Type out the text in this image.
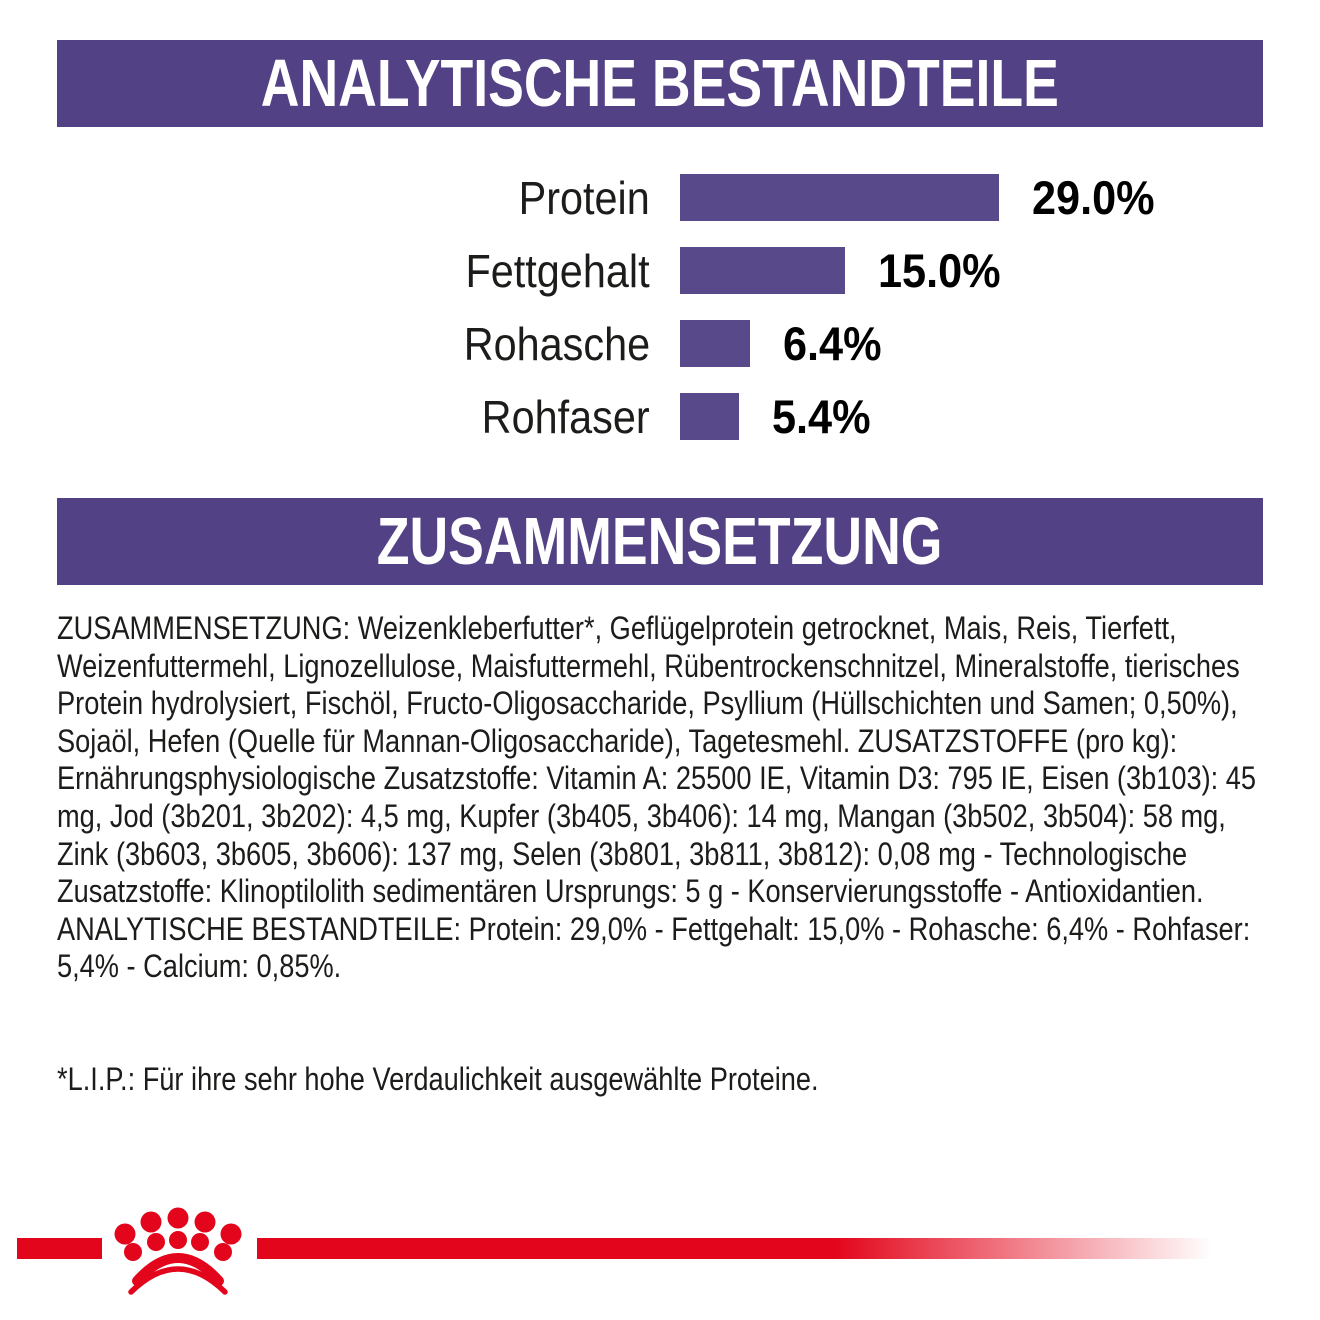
ANALYTISCHE BESTANDTEILE
Protein	29.0%
Fettgehalt	15.0%
Rohasche	6.4%
Rohfaser	5.4%
ZUSAMMENSETZUNG

ZUSAMMENSETZUNG: Weizenkleberfutter*, Geflügelprotein getrocknet, Mais, Reis, Tierfett, Weizenfuttermehl, Lignozellulose, Maisfuttermehl, Rübentrockenschnitzel, Mineralstoffe, tierisches Protein hydrolysiert, Fischöl, Fructo-Oligosaccharide, Psyllium (Hüllschichten und Samen; 0,50%), Sojaöl, Hefen (Quelle für Mannan-Oligosaccharide), Tagetesmehl. ZUSATZSTOFFE (pro kg): Ernährungsphysiologische Zusatzstoffe: Vitamin A: 25500 IE, Vitamin D3: 795 IE, Eisen (3b103): 45 mg, Jod (3b201, 3b202): 4,5 mg, Kupfer (3b405, 3b406): 14 mg, Mangan (3b502, 3b504): 58 mg, Zink (3b603, 3b605, 3b606): 137 mg, Selen (3b801, 3b811, 3b812): 0,08 mg - Technologische Zusatzstoffe: Klinoptilolith sedimentären Ursprungs: 5 g - Konservierungsstoffe - Antioxidantien. ANALYTISCHE BESTANDTEILE: Protein: 29,0% - Fettgehalt: 15,0% - Rohasche: 6,4% - Rohfaser: 5,4% - Calcium: 0,85%.

*L.I.P.: Für ihre sehr hohe Verdaulichkeit ausgewählte Proteine.
